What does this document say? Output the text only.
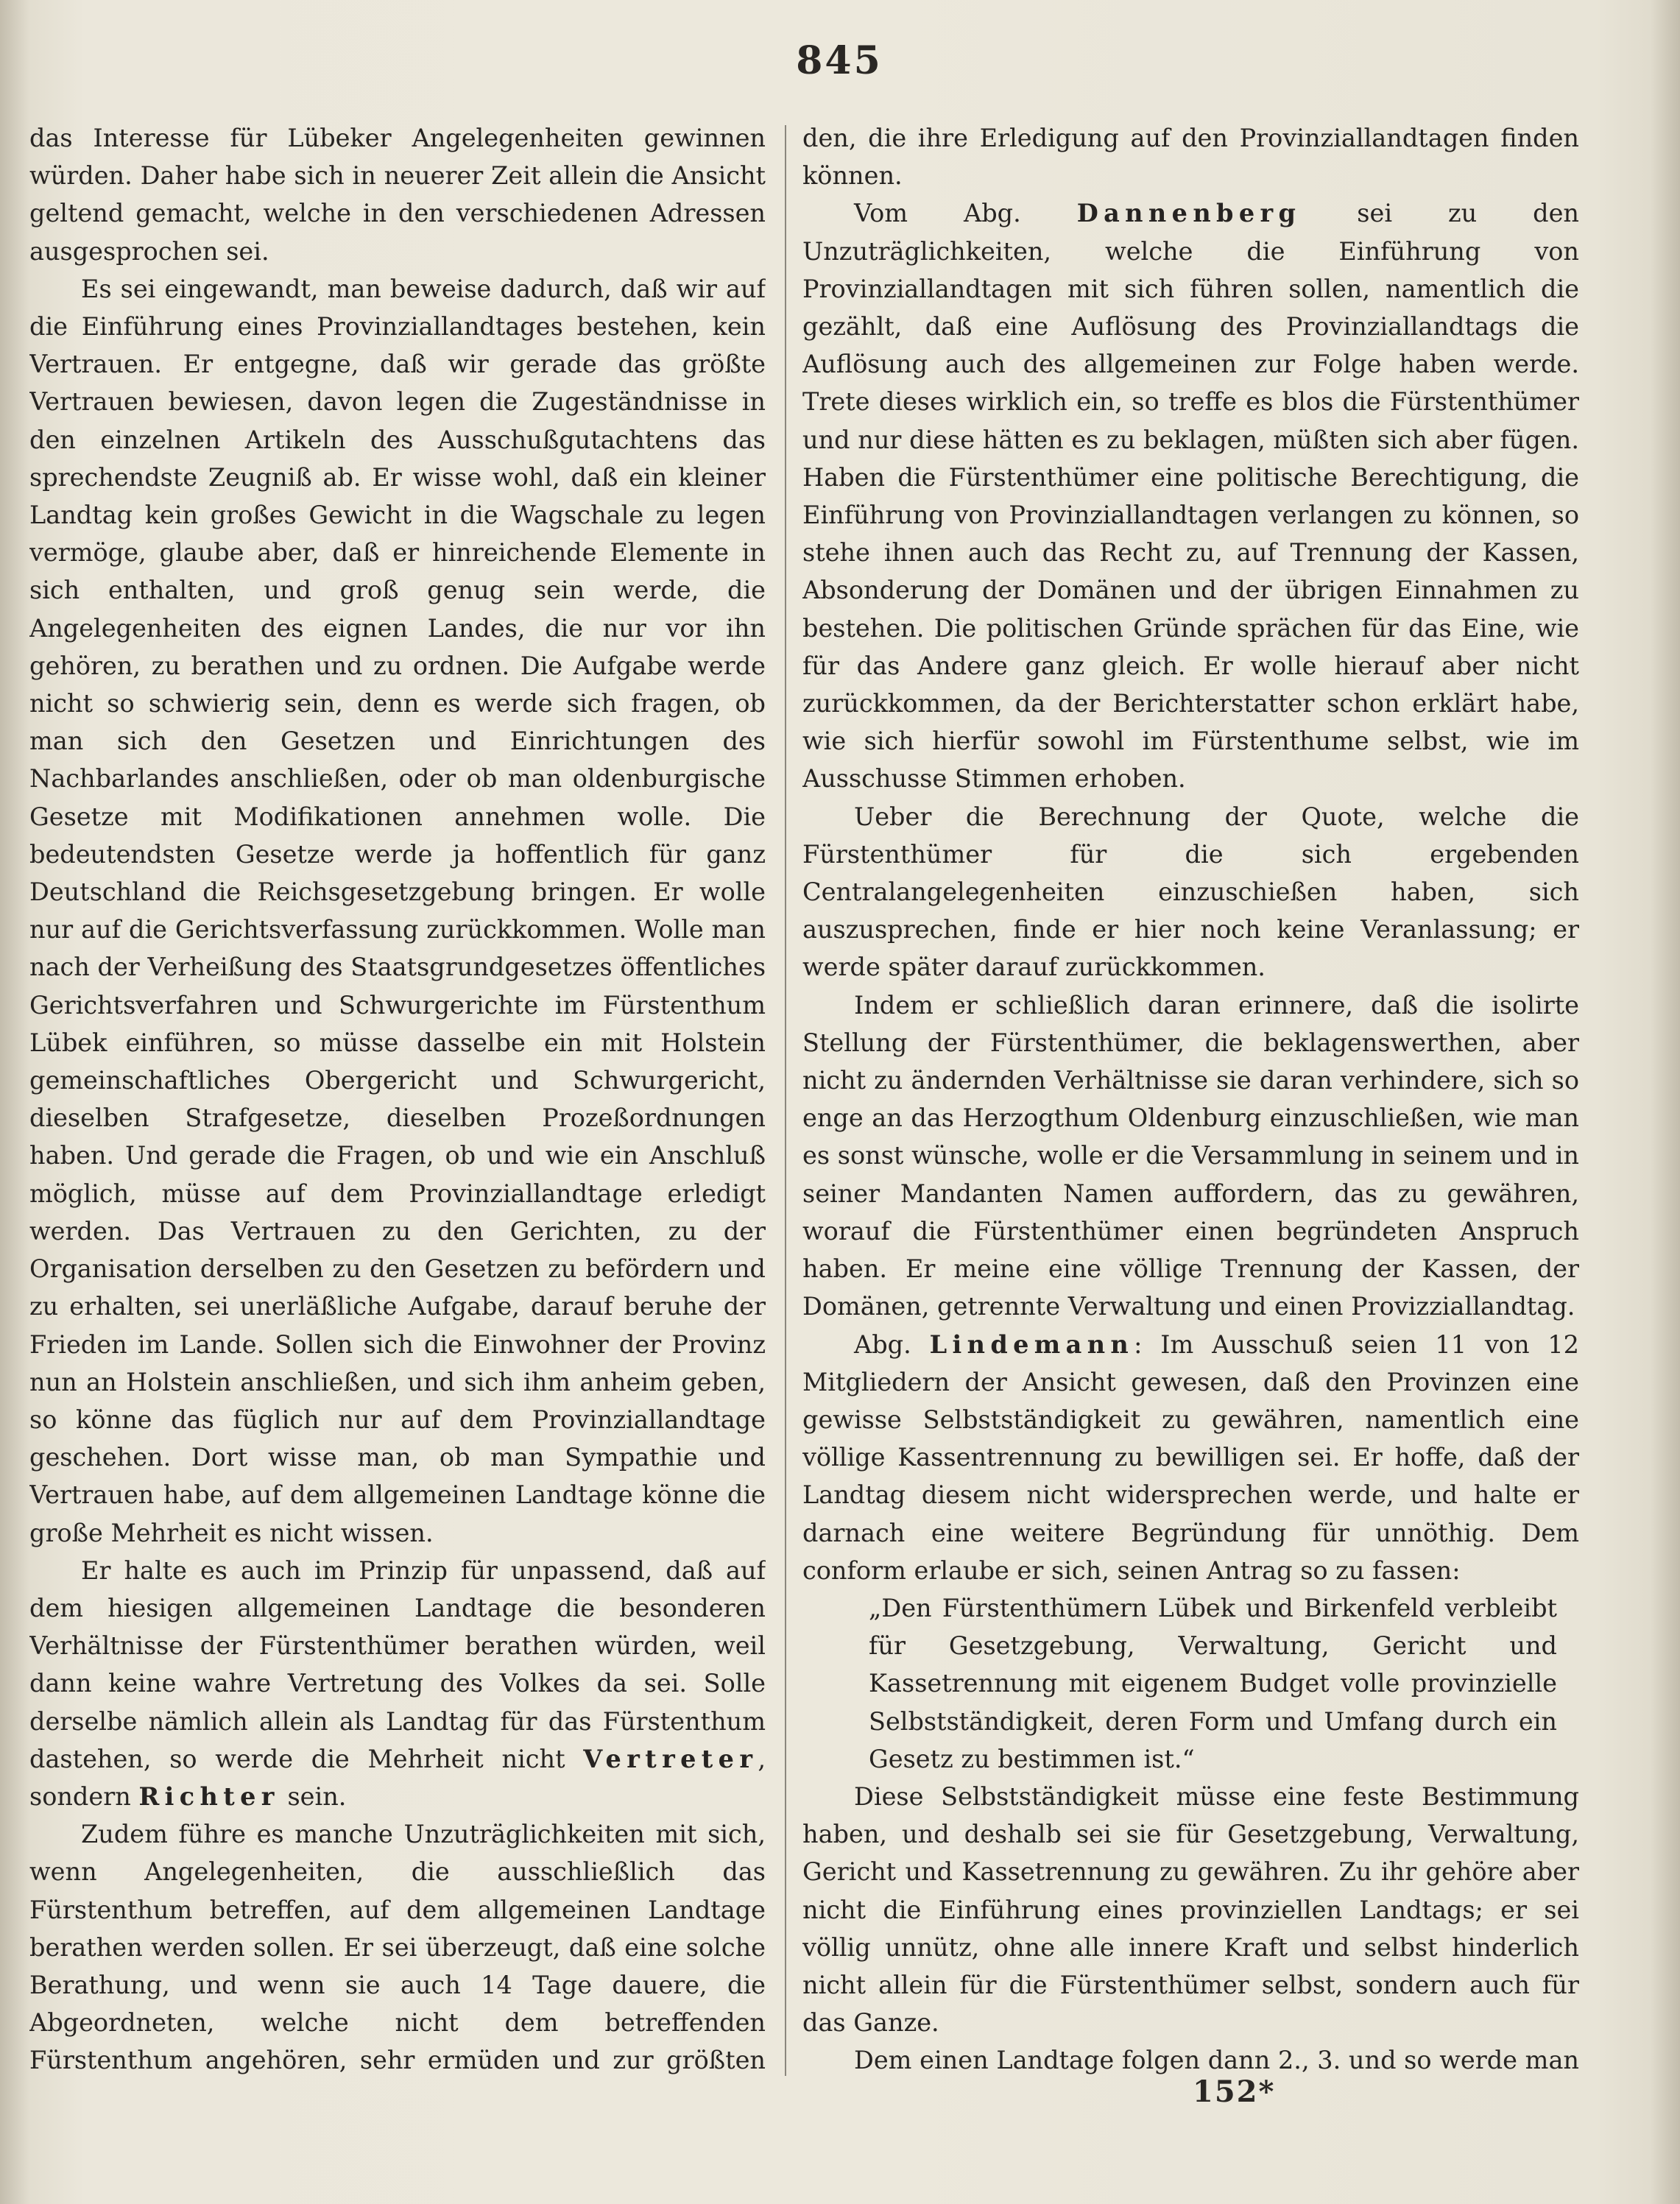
845

das Interesse für Lübeker Angelegenheiten gewinnen würden. Daher habe sich in neuerer Zeit allein die Ansicht geltend gemacht, welche in den verschiedenen Adressen ausgesprochen sei.

Es sei eingewandt, man beweise dadurch, daß wir auf die Einführung eines Provinziallandtages bestehen, kein Vertrauen. Er entgegne, daß wir gerade das größte Vertrauen bewiesen, davon legen die Zugeständnisse in den einzelnen Artikeln des Ausschußgutachtens das sprechendste Zeugniß ab. Er wisse wohl, daß ein kleiner Landtag kein großes Gewicht in die Wagschale zu legen vermöge, glaube aber, daß er hinreichende Elemente in sich enthalten, und groß genug sein werde, die Angelegenheiten des eignen Landes, die nur vor ihn gehören, zu berathen und zu ordnen. Die Aufgabe werde nicht so schwierig sein, denn es werde sich fragen, ob man sich den Gesetzen und Einrichtungen des Nachbarlandes anschließen, oder ob man oldenburgische Gesetze mit Modifikationen annehmen wolle. Die bedeutendsten Gesetze werde ja hoffentlich für ganz Deutschland die Reichsgesetzgebung bringen. Er wolle nur auf die Gerichtsverfassung zurückkommen. Wolle man nach der Verheißung des Staatsgrundgesetzes öffentliches Gerichtsverfahren und Schwurgerichte im Fürstenthum Lübek einführen, so müsse dasselbe ein mit Holstein gemeinschaftliches Obergericht und Schwurgericht, dieselben Strafgesetze, dieselben Prozeßordnungen haben. Und gerade die Fragen, ob und wie ein Anschluß möglich, müsse auf dem Provinziallandtage erledigt werden. Das Vertrauen zu den Gerichten, zu der Organisation derselben zu den Gesetzen zu befördern und zu erhalten, sei unerläßliche Aufgabe, darauf beruhe der Frieden im Lande. Sollen sich die Einwohner der Provinz nun an Holstein anschließen, und sich ihm anheim geben, so könne das füglich nur auf dem Provinziallandtage geschehen. Dort wisse man, ob man Sympathie und Vertrauen habe, auf dem allgemeinen Landtage könne die große Mehrheit es nicht wissen.

Er halte es auch im Prinzip für unpassend, daß auf dem hiesigen allgemeinen Landtage die besonderen Verhältnisse der Fürstenthümer berathen würden, weil dann keine wahre Vertretung des Volkes da sei. Solle derselbe nämlich allein als Landtag für das Fürstenthum dastehen, so werde die Mehrheit nicht Vertreter, sondern Richter sein.

Zudem führe es manche Unzuträglichkeiten mit sich, wenn Angelegenheiten, die ausschließlich das Fürstenthum betreffen, auf dem allgemeinen Landtage berathen werden sollen. Er sei überzeugt, daß eine solche Berathung, und wenn sie auch 14 Tage dauere, die Abgeordneten, welche nicht dem betreffenden Fürstenthum angehören, sehr ermüden und zur größten

den, die ihre Erledigung auf den Provinziallandtagen finden können.

Vom Abg. Dannenberg sei zu den Unzuträglichkeiten, welche die Einführung von Provinziallandtagen mit sich führen sollen, namentlich die gezählt, daß eine Auflösung des Provinziallandtags die Auflösung auch des allgemeinen zur Folge haben werde. Trete dieses wirklich ein, so treffe es blos die Fürstenthümer und nur diese hätten es zu beklagen, müßten sich aber fügen. Haben die Fürstenthümer eine politische Berechtigung, die Einführung von Provinziallandtagen verlangen zu können, so stehe ihnen auch das Recht zu, auf Trennung der Kassen, Absonderung der Domänen und der übrigen Einnahmen zu bestehen. Die politischen Gründe sprächen für das Eine, wie für das Andere ganz gleich. Er wolle hierauf aber nicht zurückkommen, da der Berichterstatter schon erklärt habe, wie sich hierfür sowohl im Fürstenthume selbst, wie im Ausschusse Stimmen erhoben.

Ueber die Berechnung der Quote, welche die Fürstenthümer für die sich ergebenden Centralangelegenheiten einzuschießen haben, sich auszusprechen, finde er hier noch keine Veranlassung; er werde später darauf zurückkommen.

Indem er schließlich daran erinnere, daß die isolirte Stellung der Fürstenthümer, die beklagenswerthen, aber nicht zu ändernden Verhältnisse sie daran verhindere, sich so enge an das Herzogthum Oldenburg einzuschließen, wie man es sonst wünsche, wolle er die Versammlung in seinem und in seiner Mandanten Namen auffordern, das zu gewähren, worauf die Fürstenthümer einen begründeten Anspruch haben. Er meine eine völlige Trennung der Kassen, der Domänen, getrennte Verwaltung und einen Provizziallandtag.

Abg. Lindemann: Im Ausschuß seien 11 von 12 Mitgliedern der Ansicht gewesen, daß den Provinzen eine gewisse Selbstständigkeit zu gewähren, namentlich eine völlige Kassentrennung zu bewilligen sei. Er hoffe, daß der Landtag diesem nicht widersprechen werde, und halte er darnach eine weitere Begründung für unnöthig. Dem conform erlaube er sich, seinen Antrag so zu fassen:

„Den Fürstenthümern Lübek und Birkenfeld verbleibt für Gesetzgebung, Verwaltung, Gericht und Kassetrennung mit eigenem Budget volle provinzielle Selbstständigkeit, deren Form und Umfang durch ein Gesetz zu bestimmen ist.“

Diese Selbstständigkeit müsse eine feste Bestimmung haben, und deshalb sei sie für Gesetzgebung, Verwaltung, Gericht und Kassetrennung zu gewähren. Zu ihr gehöre aber nicht die Einführung eines provinziellen Landtags; er sei völlig unnütz, ohne alle innere Kraft und selbst hinderlich nicht allein für die Fürstenthümer selbst, sondern auch für das Ganze.

Dem einen Landtage folgen dann 2., 3. und so werde man

152*
